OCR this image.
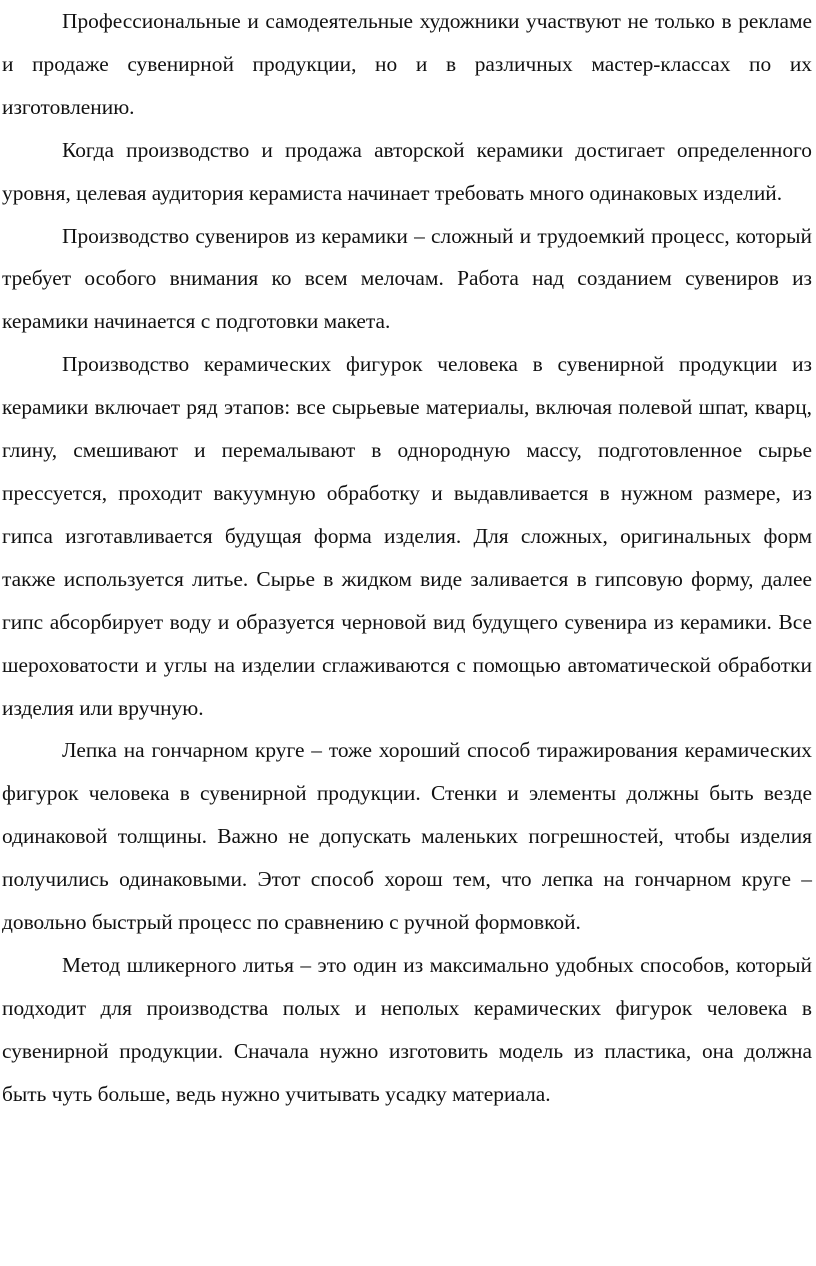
Профессиональные и самодеятельные художники участвуют не только в рекламе и продаже сувенирной продукции, но и в различных мастер-классах по их изготовлению.

Когда производство и продажа авторской керамики достигает определенного уровня, целевая аудитория керамиста начинает требовать много одинаковых изделий.

Производство сувениров из керамики – сложный и трудоемкий процесс, который требует особого внимания ко всем мелочам. Работа над созданием сувениров из керамики начинается с подготовки макета.

Производство керамических фигурок человека в сувенирной продукции из керамики включает ряд этапов: все сырьевые материалы, включая полевой шпат, кварц, глину, смешивают и перемалывают в однородную массу, подготовленное сырье прессуется, проходит вакуумную обработку и выдавливается в нужном размере, из гипса изготавливается будущая форма изделия. Для сложных, оригинальных форм также используется литье. Сырье в жидком виде заливается в гипсовую форму, далее гипс абсорбирует воду и образуется черновой вид будущего сувенира из керамики. Все шероховатости и углы на изделии сглаживаются с помощью автоматической обработки изделия или вручную.

Лепка на гончарном круге – тоже хороший способ тиражирования керамических фигурок человека в сувенирной продукции. Стенки и элементы должны быть везде одинаковой толщины. Важно не допускать маленьких погрешностей, чтобы изделия получились одинаковыми. Этот способ хорош тем, что лепка на гончарном круге – довольно быстрый процесс по сравнению с ручной формовкой.

Метод шликерного литья – это один из максимально удобных способов, который подходит для производства полых и неполых керамических фигурок человека в сувенирной продукции. Сначала нужно изготовить модель из пластика, она должна быть чуть больше, ведь нужно учитывать усадку материала.
